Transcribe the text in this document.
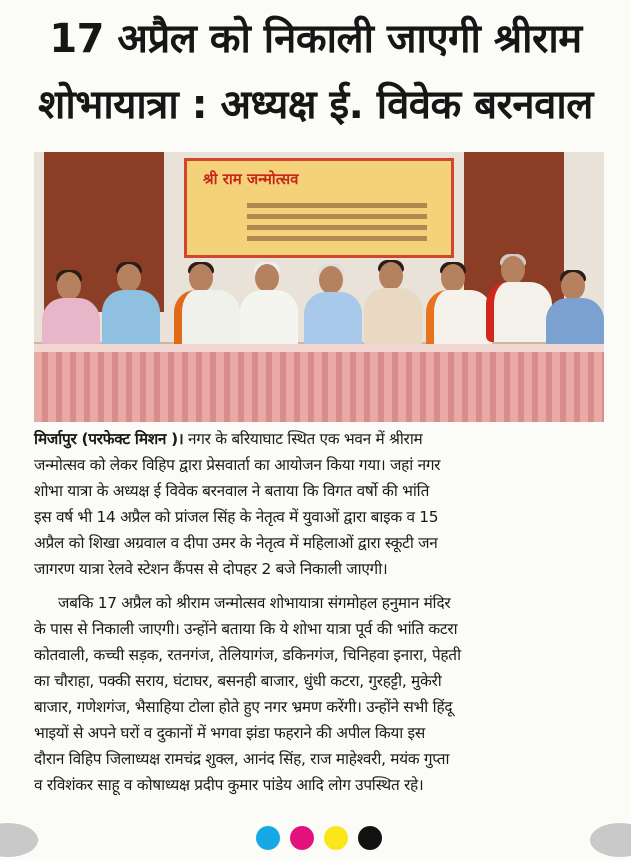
17 अप्रैल को निकाली जाएगी श्रीराम
शोभायात्रा : अध्यक्ष ई. विवेक बरनवाल
श्री राम जन्मोत्सव
मिर्जापुर (परफेक्ट मिशन )। नगर के बरियाघाट स्थित एक भवन में श्रीराम
जन्मोत्सव को लेकर विहिप द्वारा प्रेसवार्ता का आयोजन किया गया। जहां नगर
शोभा यात्रा के अध्यक्ष ई विवेक बरनवाल ने बताया कि विगत वर्षो की भांति
इस वर्ष भी 14 अप्रैल को प्रांजल सिंह के नेतृत्व में युवाओं द्वारा बाइक व 15
अप्रैल को शिखा अग्रवाल व दीपा उमर के नेतृत्व में महिलाओं द्वारा स्कूटी जन
जागरण यात्रा रेलवे स्टेशन कैंपस से दोपहर 2 बजे निकाली जाएगी।
जबकि 17 अप्रैल को श्रीराम जन्मोत्सव शोभायात्रा संगमोहल हनुमान मंदिर
के पास से निकाली जाएगी। उन्होंने बताया कि ये शोभा यात्रा पूर्व की भांति कटरा
कोतवाली, कच्ची सड़क, रतनगंज, तेलियागंज, डकिनगंज, चिनिहवा इनारा, पेहती
का चौराहा, पक्की सराय, घंटाघर, बसनही बाजार, धुंधी कटरा, गुरहट्टी, मुकेरी
बाजार, गणेशगंज, भैसाहिया टोला होते हुए नगर भ्रमण करेंगी। उन्होंने सभी हिंदू
भाइयों से अपने घरों व दुकानों में भगवा झंडा फहराने की अपील किया इस
दौरान विहिप जिलाध्यक्ष रामचंद्र शुक्ल, आनंद सिंह, राज माहेश्वरी, मयंक गुप्ता
व रविशंकर साहू व कोषाध्यक्ष प्रदीप कुमार पांडेय आदि लोग उपस्थित रहे।
